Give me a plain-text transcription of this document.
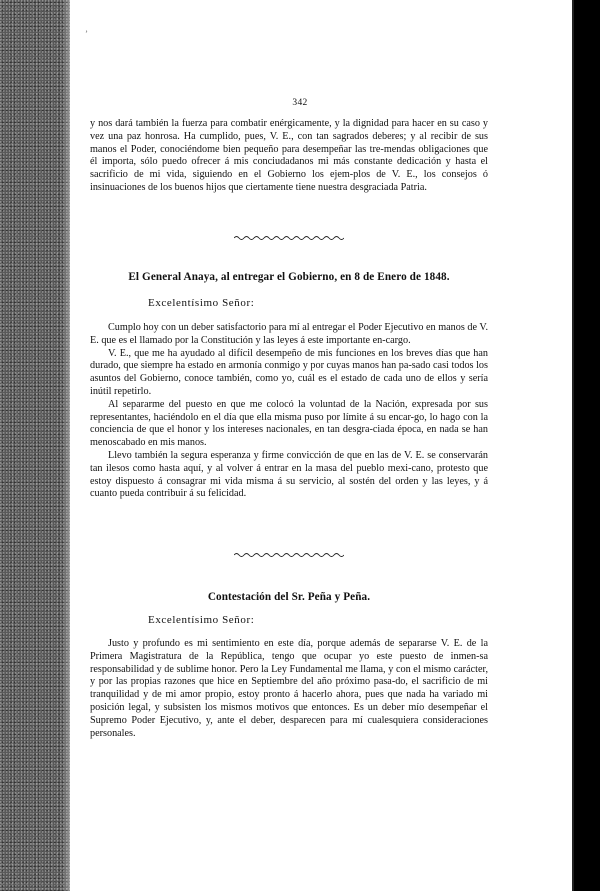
ʼ
342

y nos dará también la fuerza para combatir enérgicamente, y la dignidad para hacer en su caso y vez una paz honrosa. Ha cumplido, pues, V. E., con tan sagrados deberes; y al recibir de sus manos el Poder, conociéndome bien pequeño para desempeñar las tre-mendas obligaciones que él importa, sólo puedo ofrecer á mis conciudadanos mi más constante dedicación y hasta el sacrificio de mi vida, siguiendo en el Gobierno los ejem-plos de V. E., los consejos ó insinuaciones de los buenos hijos que ciertamente tiene nuestra desgraciada Patria.

El General Anaya, al entregar el Gobierno, en 8 de Enero de 1848.
Excelentísimo Señor:

Cumplo hoy con un deber satisfactorio para mí al entregar el Poder Ejecutivo en manos de V. E. que es el llamado por la Constitución y las leyes á este importante en-cargo.

V. E., que me ha ayudado al difícil desempeño de mis funciones en los breves días que han durado, que siempre ha estado en armonía conmigo y por cuyas manos han pa-sado casi todos los asuntos del Gobierno, conoce también, como yo, cuál es el estado de cada uno de ellos y sería inútil repetirlo.

Al separarme del puesto en que me colocó la voluntad de la Nación, expresada por sus representantes, haciéndolo en el día que ella misma puso por límite á su encar-go, lo hago con la conciencia de que el honor y los intereses nacionales, en tan desgra-ciada época, en nada se han menoscabado en mis manos.

Llevo también la segura esperanza y firme convicción de que en las de V. E. se conservarán tan ilesos como hasta aquí, y al volver á entrar en la masa del pueblo mexi-cano, protesto que estoy dispuesto á consagrar mi vida misma á su servicio, al sostén del orden y las leyes, y á cuanto pueda contribuir á su felicidad.

Contestación del Sr. Peña y Peña.
Excelentísimo Señor:

Justo y profundo es mi sentimiento en este día, porque además de separarse V. E. de la Primera Magistratura de la República, tengo que ocupar yo este puesto de inmen-sa responsabilidad y de sublime honor. Pero la Ley Fundamental me llama, y con el mismo carácter, y por las propias razones que hice en Septiembre del año próximo pasa-do, el sacrificio de mi tranquilidad y de mi amor propio, estoy pronto á hacerlo ahora, pues que nada ha variado mi posición legal, y subsisten los mismos motivos que entonces. Es un deber mío desempeñar el Supremo Poder Ejecutivo, y, ante el deber, desparecen para mí cualesquiera consideraciones personales.
